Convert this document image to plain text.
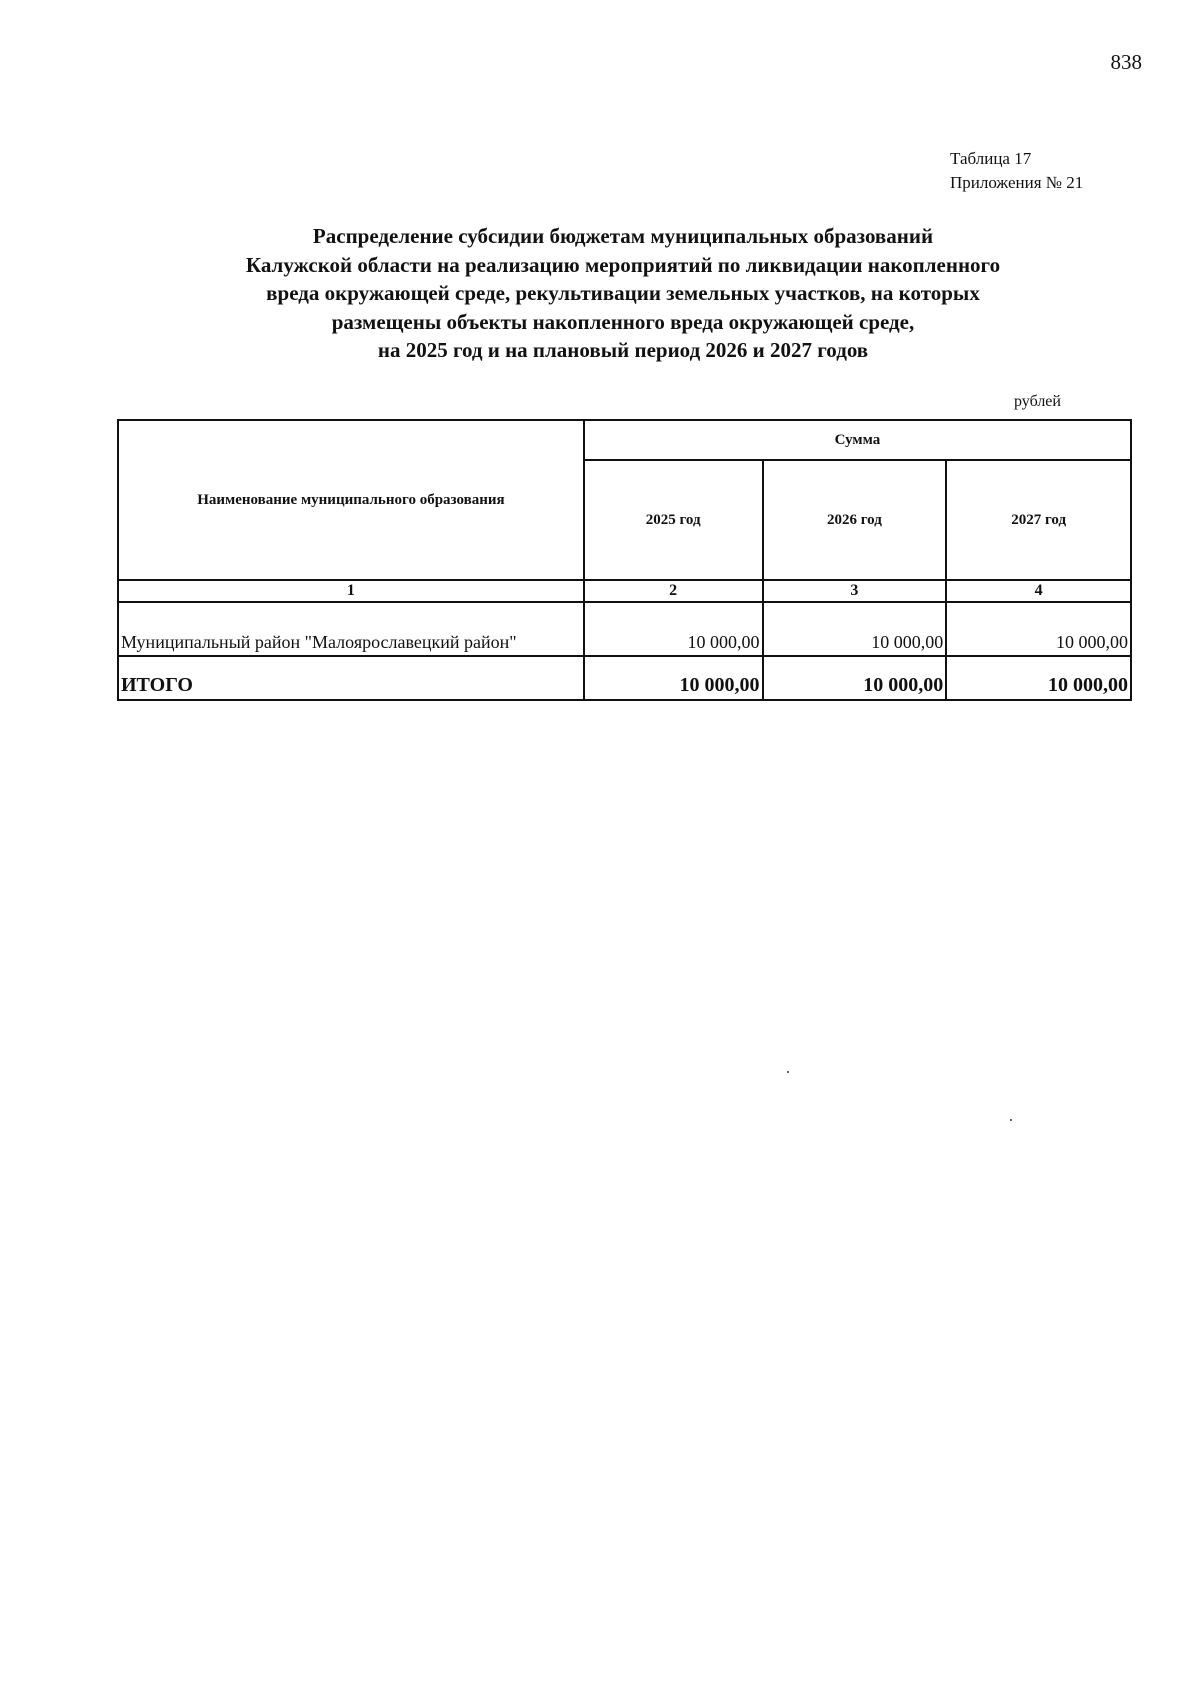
838
Таблица 17
Приложения № 21
Распределение субсидии бюджетам муниципальных образований
Калужской области на реализацию мероприятий по ликвидации накопленного
вреда окружающей среде, рекультивации земельных участков, на которых
размещены объекты накопленного вреда окружающей среде,
на 2025 год и на плановый период 2026 и 2027 годов
рублей
Наименование муниципального образования	Сумма		
	2025 год	2026 год	2027 год
1	2	3	4
Муниципальный район "Малоярославецкий район"	10 000,00	10 000,00	10 000,00
ИТОГО	10 000,00	10 000,00	10 000,00
